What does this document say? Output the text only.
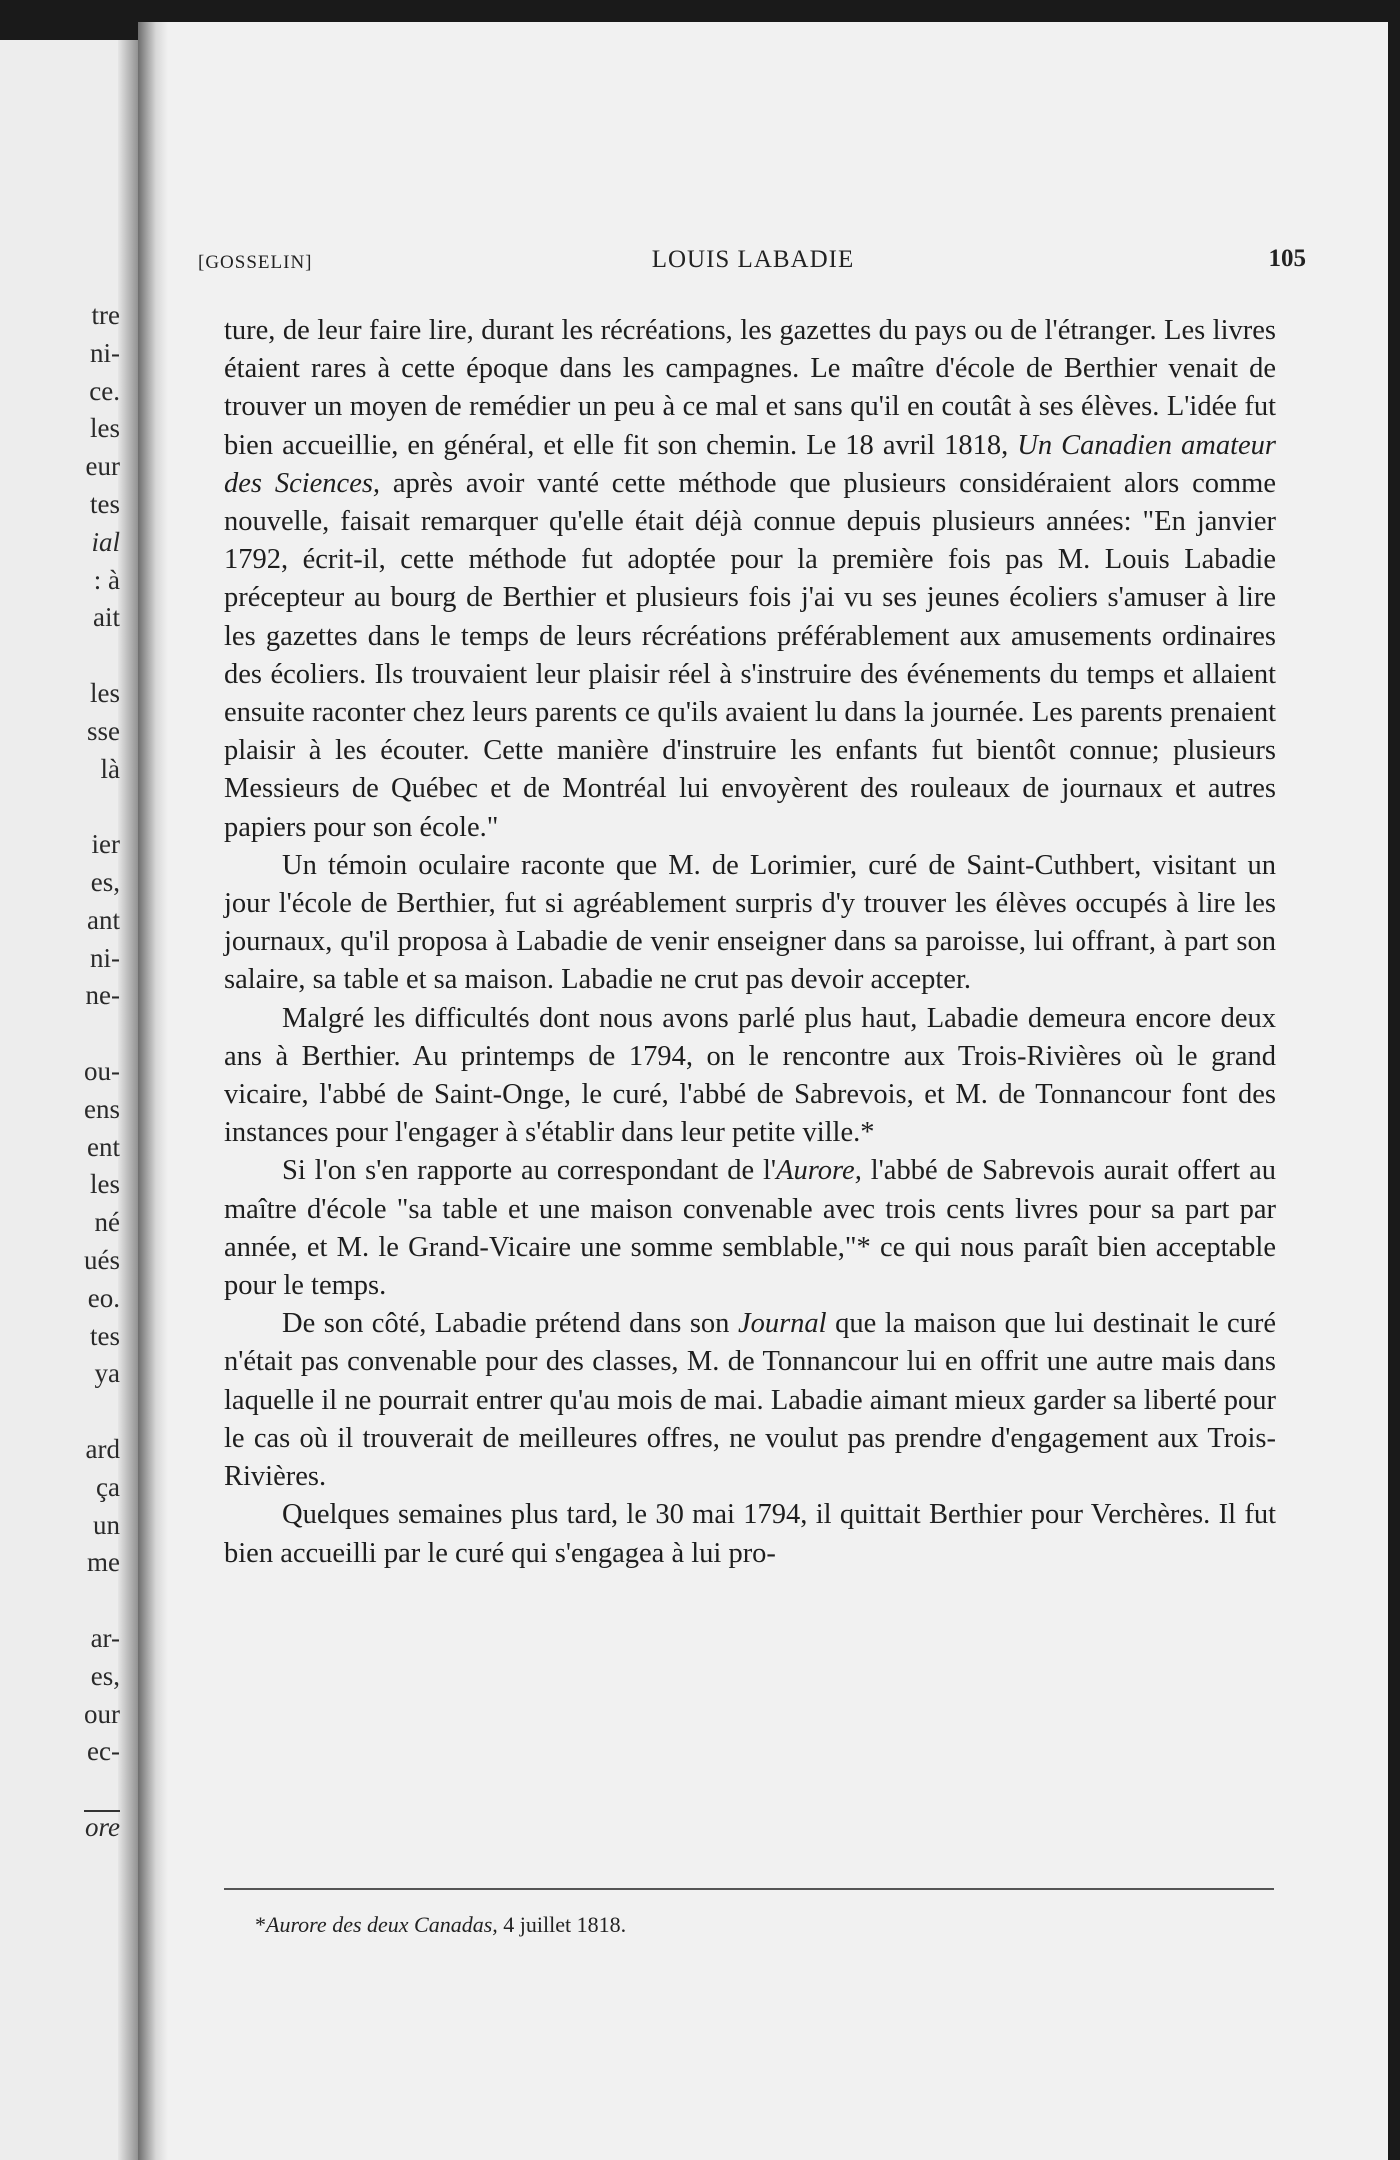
tre
ni-
ce.
les
eur
tes
ial
: à
ait
les
sse
là
ier
es,
ant
ni-
ne-
ou-
ens
ent
les
né
ués
eo.
tes
ya
ard
ça
un
me
ar-
es,
our
ec-
ore
[GOSSELIN]	LOUIS LABADIE	105

ture, de leur faire lire, durant les récréations, les gazettes du pays ou de l'étranger. Les livres étaient rares à cette époque dans les campagnes. Le maître d'école de Berthier venait de trouver un moyen de remédier un peu à ce mal et sans qu'il en coutât à ses élèves. L'idée fut bien accueillie, en général, et elle fit son chemin. Le 18 avril 1818, Un Canadien amateur des Sciences, après avoir vanté cette méthode que plusieurs considéraient alors comme nouvelle, faisait remarquer qu'elle était déjà connue depuis plusieurs années: "En janvier 1792, écrit-il, cette méthode fut adoptée pour la première fois pas M. Louis Labadie précepteur au bourg de Berthier et plusieurs fois j'ai vu ses jeunes écoliers s'amuser à lire les gazettes dans le temps de leurs récréations préférablement aux amusements ordinaires des écoliers. Ils trouvaient leur plaisir réel à s'instruire des événements du temps et allaient ensuite raconter chez leurs parents ce qu'ils avaient lu dans la journée. Les parents prenaient plaisir à les écouter. Cette manière d'instruire les enfants fut bientôt connue; plusieurs Messieurs de Québec et de Montréal lui envoyèrent des rouleaux de journaux et autres papiers pour son école."

Un témoin oculaire raconte que M. de Lorimier, curé de Saint-Cuthbert, visitant un jour l'école de Berthier, fut si agréablement surpris d'y trouver les élèves occupés à lire les journaux, qu'il proposa à Labadie de venir enseigner dans sa paroisse, lui offrant, à part son salaire, sa table et sa maison. Labadie ne crut pas devoir accepter.

Malgré les difficultés dont nous avons parlé plus haut, Labadie demeura encore deux ans à Berthier. Au printemps de 1794, on le rencontre aux Trois-Rivières où le grand vicaire, l'abbé de Saint-Onge, le curé, l'abbé de Sabrevois, et M. de Tonnancour font des instances pour l'engager à s'établir dans leur petite ville.*

Si l'on s'en rapporte au correspondant de l'Aurore, l'abbé de Sabrevois aurait offert au maître d'école "sa table et une maison convenable avec trois cents livres pour sa part par année, et M. le Grand-Vicaire une somme semblable,"* ce qui nous paraît bien acceptable pour le temps.

De son côté, Labadie prétend dans son Journal que la maison que lui destinait le curé n'était pas convenable pour des classes, M. de Tonnancour lui en offrit une autre mais dans laquelle il ne pourrait entrer qu'au mois de mai. Labadie aimant mieux garder sa liberté pour le cas où il trouverait de meilleures offres, ne voulut pas prendre d'engagement aux Trois-Rivières.

Quelques semaines plus tard, le 30 mai 1794, il quittait Berthier pour Verchères. Il fut bien accueilli par le curé qui s'engagea à lui pro-

*Aurore des deux Canadas, 4 juillet 1818.
